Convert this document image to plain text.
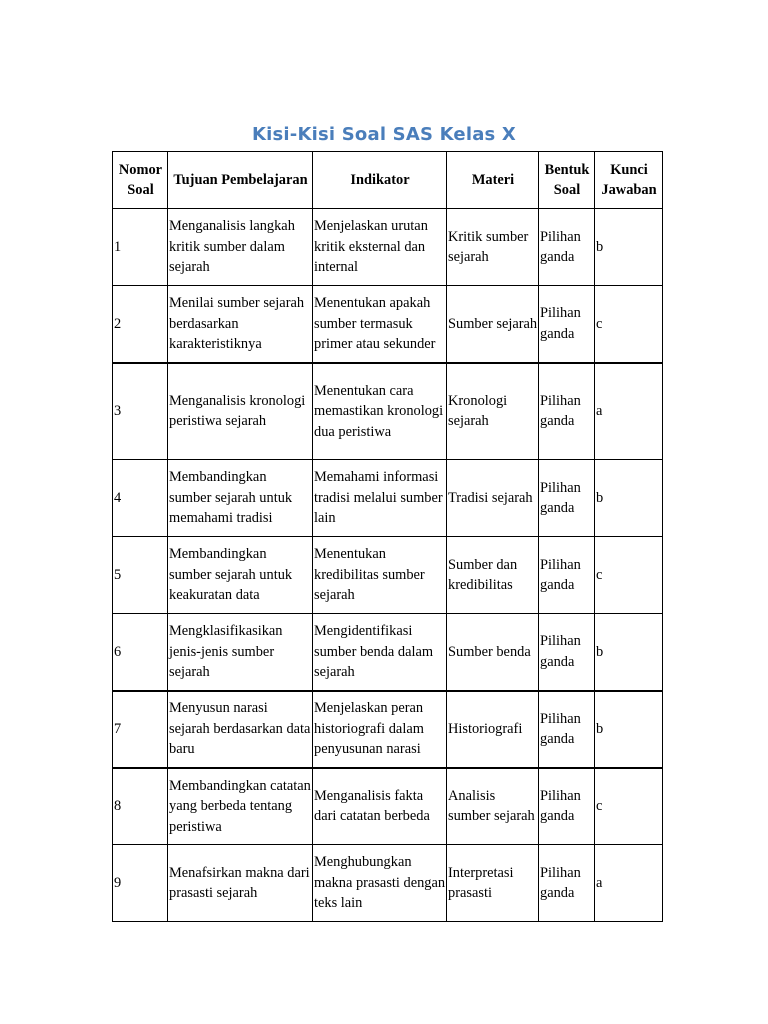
Kisi-Kisi Soal SAS Kelas X
Nomor Soal	Tujuan Pembelajaran	Indikator	Materi	Bentuk Soal	Kunci Jawaban
1	Menganalisis langkah kritik sumber dalam sejarah	Menjelaskan urutan kritik eksternal dan internal	Kritik sumber sejarah	Pilihan ganda	b
2	Menilai sumber sejarah berdasarkan karakteristiknya	Menentukan apakah sumber termasuk primer atau sekunder	Sumber sejarah	Pilihan ganda	c
3	Menganalisis kronologi peristiwa sejarah	Menentukan cara memastikan kronologi dua peristiwa	Kronologi sejarah	Pilihan ganda	a
4	Membandingkan sumber sejarah untuk memahami tradisi	Memahami informasi tradisi melalui sumber lain	Tradisi sejarah	Pilihan ganda	b
5	Membandingkan sumber sejarah untuk keakuratan data	Menentukan kredibilitas sumber sejarah	Sumber dan kredibilitas	Pilihan ganda	c
6	Mengklasifikasikan jenis-jenis sumber sejarah	Mengidentifikasi sumber benda dalam sejarah	Sumber benda	Pilihan ganda	b
7	Menyusun narasi sejarah berdasarkan data baru	Menjelaskan peran historiografi dalam penyusunan narasi	Historiografi	Pilihan ganda	b
8	Membandingkan catatan yang berbeda tentang peristiwa	Menganalisis fakta dari catatan berbeda	Analisis sumber sejarah	Pilihan ganda	c
9	Menafsirkan makna dari prasasti sejarah	Menghubungkan makna prasasti dengan teks lain	Interpretasi prasasti	Pilihan ganda	a
